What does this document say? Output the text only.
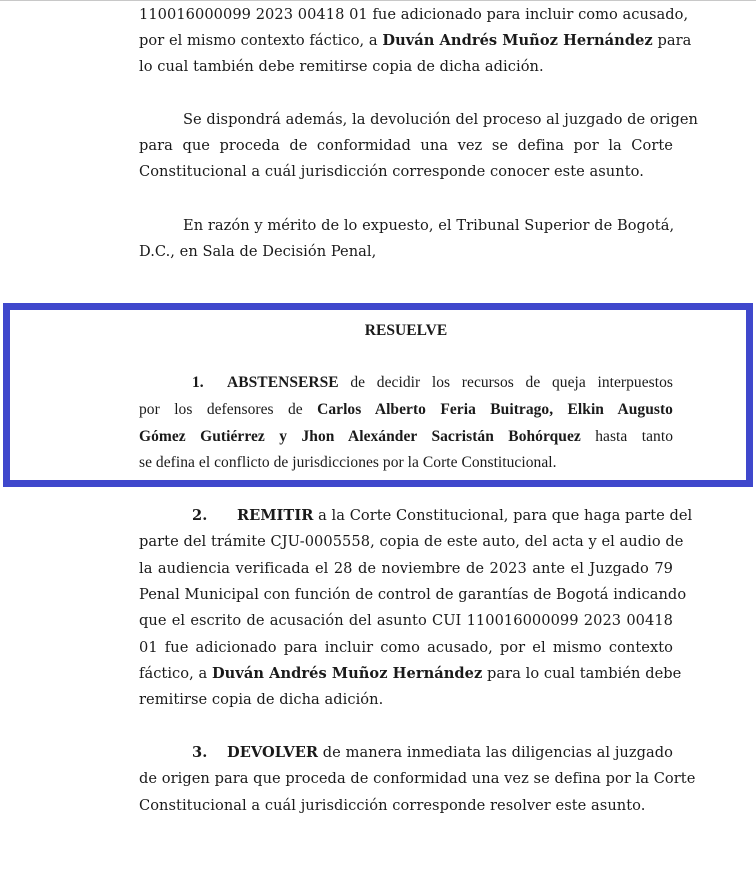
110016000099 2023 00418 01 fue adicionado para incluir como acusado,
por el mismo contexto fáctico, a Duván Andrés Muñoz Hernández para
lo cual también debe remitirse copia de dicha adición.
Se dispondrá además, la devolución del proceso al juzgado de origen
para que proceda de conformidad una vez se defina por la Corte
Constitucional a cuál jurisdicción corresponde conocer este asunto.
En razón y mérito de lo expuesto, el Tribunal Superior de Bogotá,
D.C., en Sala de Decisión Penal,
RESUELVE
1. ABSTENSERSE de decidir los recursos de queja interpuestos
por los defensores de Carlos Alberto Feria Buitrago, Elkin Augusto
Gómez Gutiérrez y Jhon Alexánder Sacristán Bohórquez hasta tanto
se defina el conflicto de jurisdicciones por la Corte Constitucional.
2. REMITIR a la Corte Constitucional, para que haga parte del
parte del trámite CJU-0005558, copia de este auto, del acta y el audio de
la audiencia verificada el 28 de noviembre de 2023 ante el Juzgado 79
Penal Municipal con función de control de garantías de Bogotá indicando
que el escrito de acusación del asunto CUI 110016000099 2023 00418
01 fue adicionado para incluir como acusado, por el mismo contexto
fáctico, a Duván Andrés Muñoz Hernández para lo cual también debe
remitirse copia de dicha adición.
3. DEVOLVER de manera inmediata las diligencias al juzgado
de origen para que proceda de conformidad una vez se defina por la Corte
Constitucional a cuál jurisdicción corresponde resolver este asunto.
